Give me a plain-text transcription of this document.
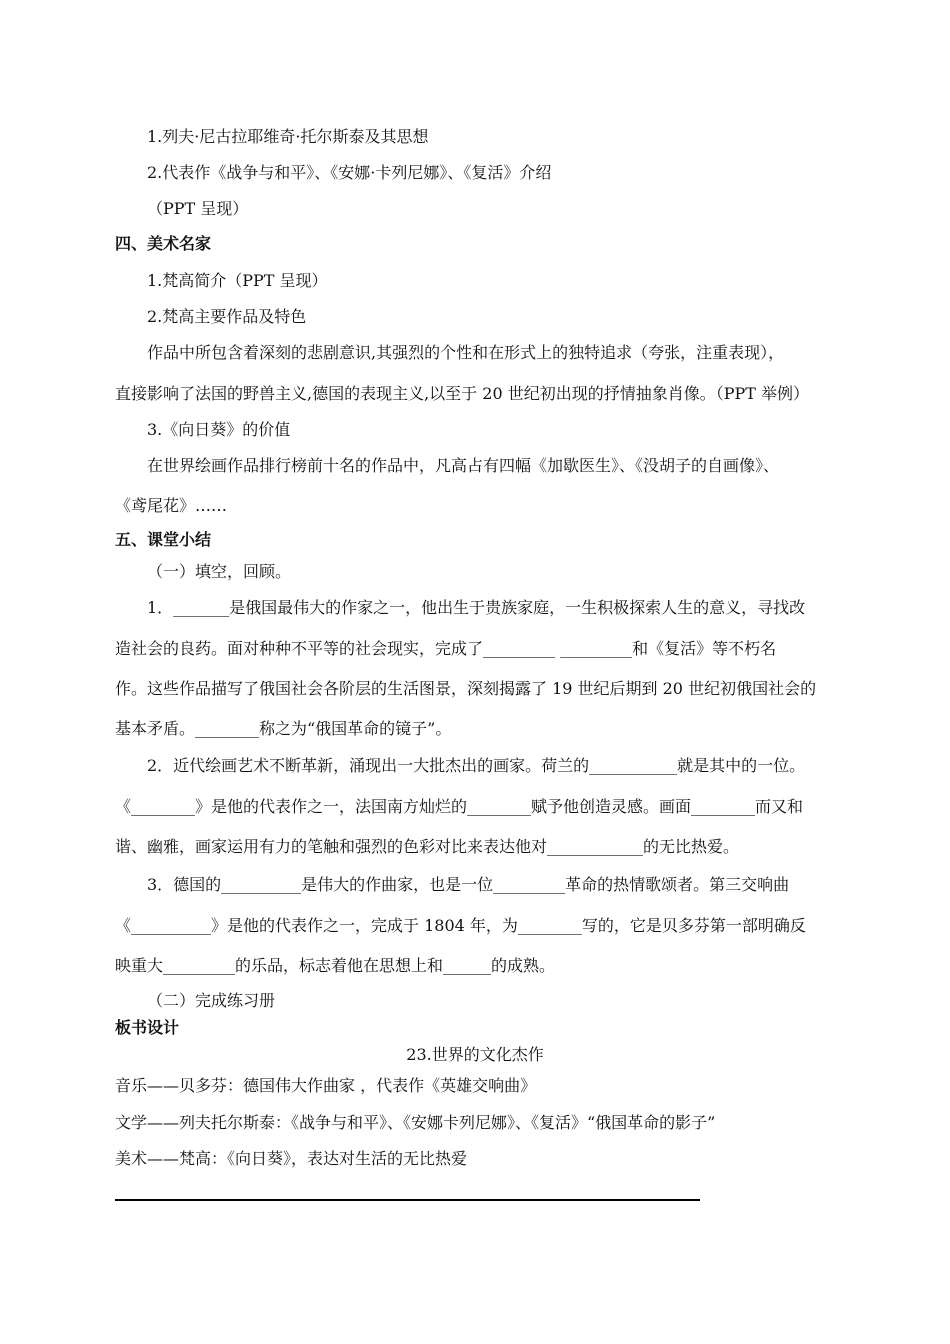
1.列夫·尼古拉耶维奇·托尔斯泰及其思想
2.代表作《战争与和平》、《安娜·卡列尼娜》、《复活》介绍
（PPT 呈现）
四、美术名家
1.梵高简介（PPT 呈现）
2.梵高主要作品及特色
作品中所包含着深刻的悲剧意识,其强烈的个性和在形式上的独特追求（夸张，注重表现），
直接影响了法国的野兽主义,德国的表现主义,以至于 20 世纪初出现的抒情抽象肖像。（PPT 举例）
3.《向日葵》的价值
在世界绘画作品排行榜前十名的作品中，凡高占有四幅《加歇医生》、《没胡子的自画像》、
《鸢尾花》……
五、课堂小结
（一）填空，回顾。
1．_______是俄国最伟大的作家之一，他出生于贵族家庭，一生积极探索人生的意义，寻找改
造社会的良药。面对种种不平等的社会现实，完成了_________ _________和《复活》等不朽名
作。这些作品描写了俄国社会各阶层的生活图景，深刻揭露了 19 世纪后期到 20 世纪初俄国社会的
基本矛盾。________称之为“俄国革命的镜子”。
2．近代绘画艺术不断革新，涌现出一大批杰出的画家。荷兰的___________就是其中的一位。
《________》是他的代表作之一，法国南方灿烂的________赋予他创造灵感。画面________而又和
谐、幽雅，画家运用有力的笔触和强烈的色彩对比来表达他对____________的无比热爱。
3．德国的__________是伟大的作曲家，也是一位_________革命的热情歌颂者。第三交响曲
《__________》是他的代表作之一，完成于 1804 年，为________写的，它是贝多芬第一部明确反
映重大_________的乐品，标志着他在思想上和______的成熟。
（二）完成练习册
板书设计
23.世界的文化杰作
音乐——贝多芬：德国伟大作曲家 ，代表作《英雄交响曲》
文学——列夫托尔斯泰：《战争与和平》、《安娜卡列尼娜》、《复活》“俄国革命的影子”
美术——梵高：《向日葵》，表达对生活的无比热爱
